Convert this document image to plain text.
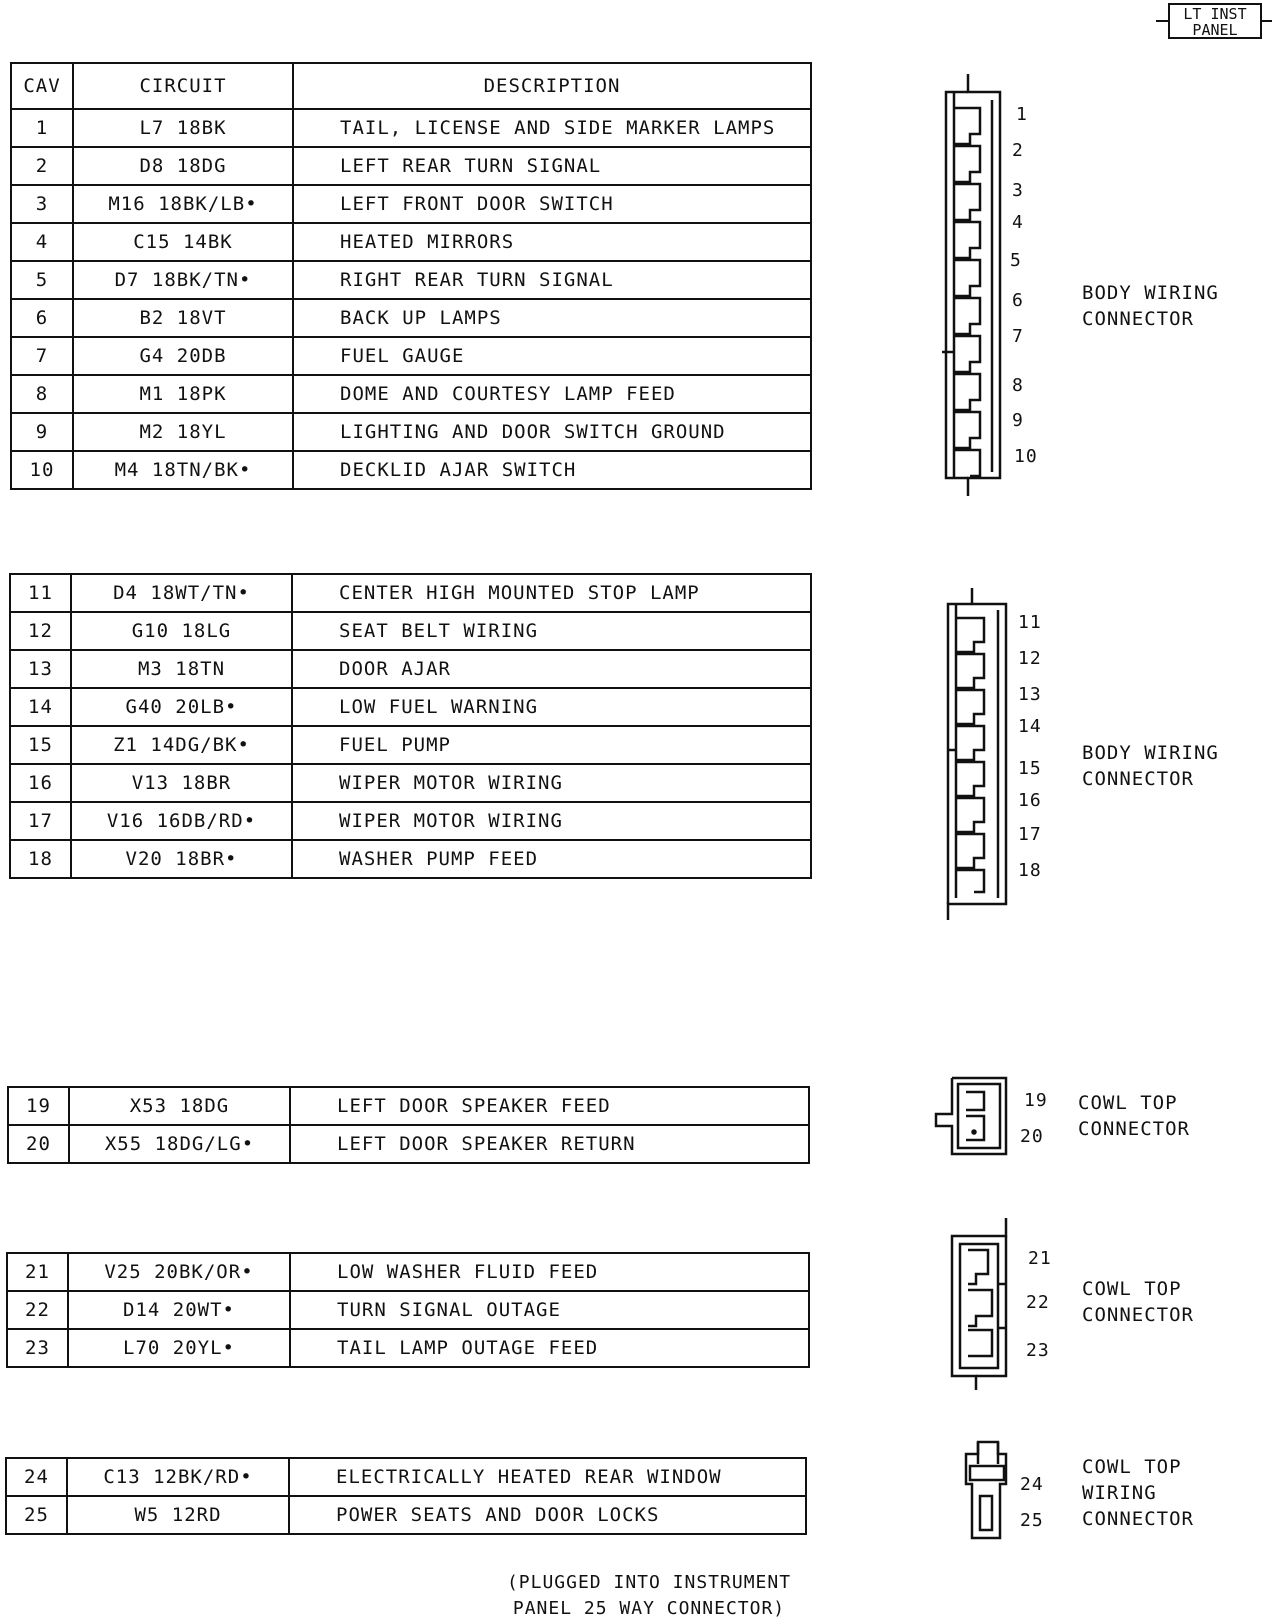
LT INST
PANEL
CAV	CIRCUIT	DESCRIPTION
1	L7 18BK	TAIL, LICENSE AND SIDE MARKER LAMPS
2	D8 18DG	LEFT REAR TURN SIGNAL
3	M16 18BK/LB•	LEFT FRONT DOOR SWITCH
4	C15 14BK	HEATED MIRRORS
5	D7 18BK/TN•	RIGHT REAR TURN SIGNAL
6	B2 18VT	BACK UP LAMPS
7	G4 20DB	FUEL GAUGE
8	M1 18PK	DOME AND COURTESY LAMP FEED
9	M2 18YL	LIGHTING AND DOOR SWITCH GROUND
10	M4 18TN/BK•	DECKLID AJAR SWITCH
11	D4 18WT/TN•	CENTER HIGH MOUNTED STOP LAMP
12	G10 18LG	SEAT BELT WIRING
13	M3 18TN	DOOR AJAR
14	G40 20LB•	LOW FUEL WARNING
15	Z1 14DG/BK•	FUEL PUMP
16	V13 18BR	WIPER MOTOR WIRING
17	V16 16DB/RD•	WIPER MOTOR WIRING
18	V20 18BR•	WASHER PUMP FEED
19	X53 18DG	LEFT DOOR SPEAKER FEED
20	X55 18DG/LG•	LEFT DOOR SPEAKER RETURN
21	V25 20BK/OR•	LOW WASHER FLUID FEED
22	D14 20WT•	TURN SIGNAL OUTAGE
23	L70 20YL•	TAIL LAMP OUTAGE FEED
24	C13 12BK/RD•	ELECTRICALLY HEATED REAR WINDOW
25	W5 12RD	POWER SEATS AND DOOR LOCKS
1
2
3
4
5
6
7
8
9
10
BODY WIRING
CONNECTOR
11
12
13
14
15
16
17
18
BODY WIRING
CONNECTOR
19
20
COWL TOP
CONNECTOR
21
22
23
COWL TOP
CONNECTOR
24
25
COWL TOP
WIRING
CONNECTOR
(PLUGGED INTO INSTRUMENT
PANEL 25 WAY CONNECTOR)
